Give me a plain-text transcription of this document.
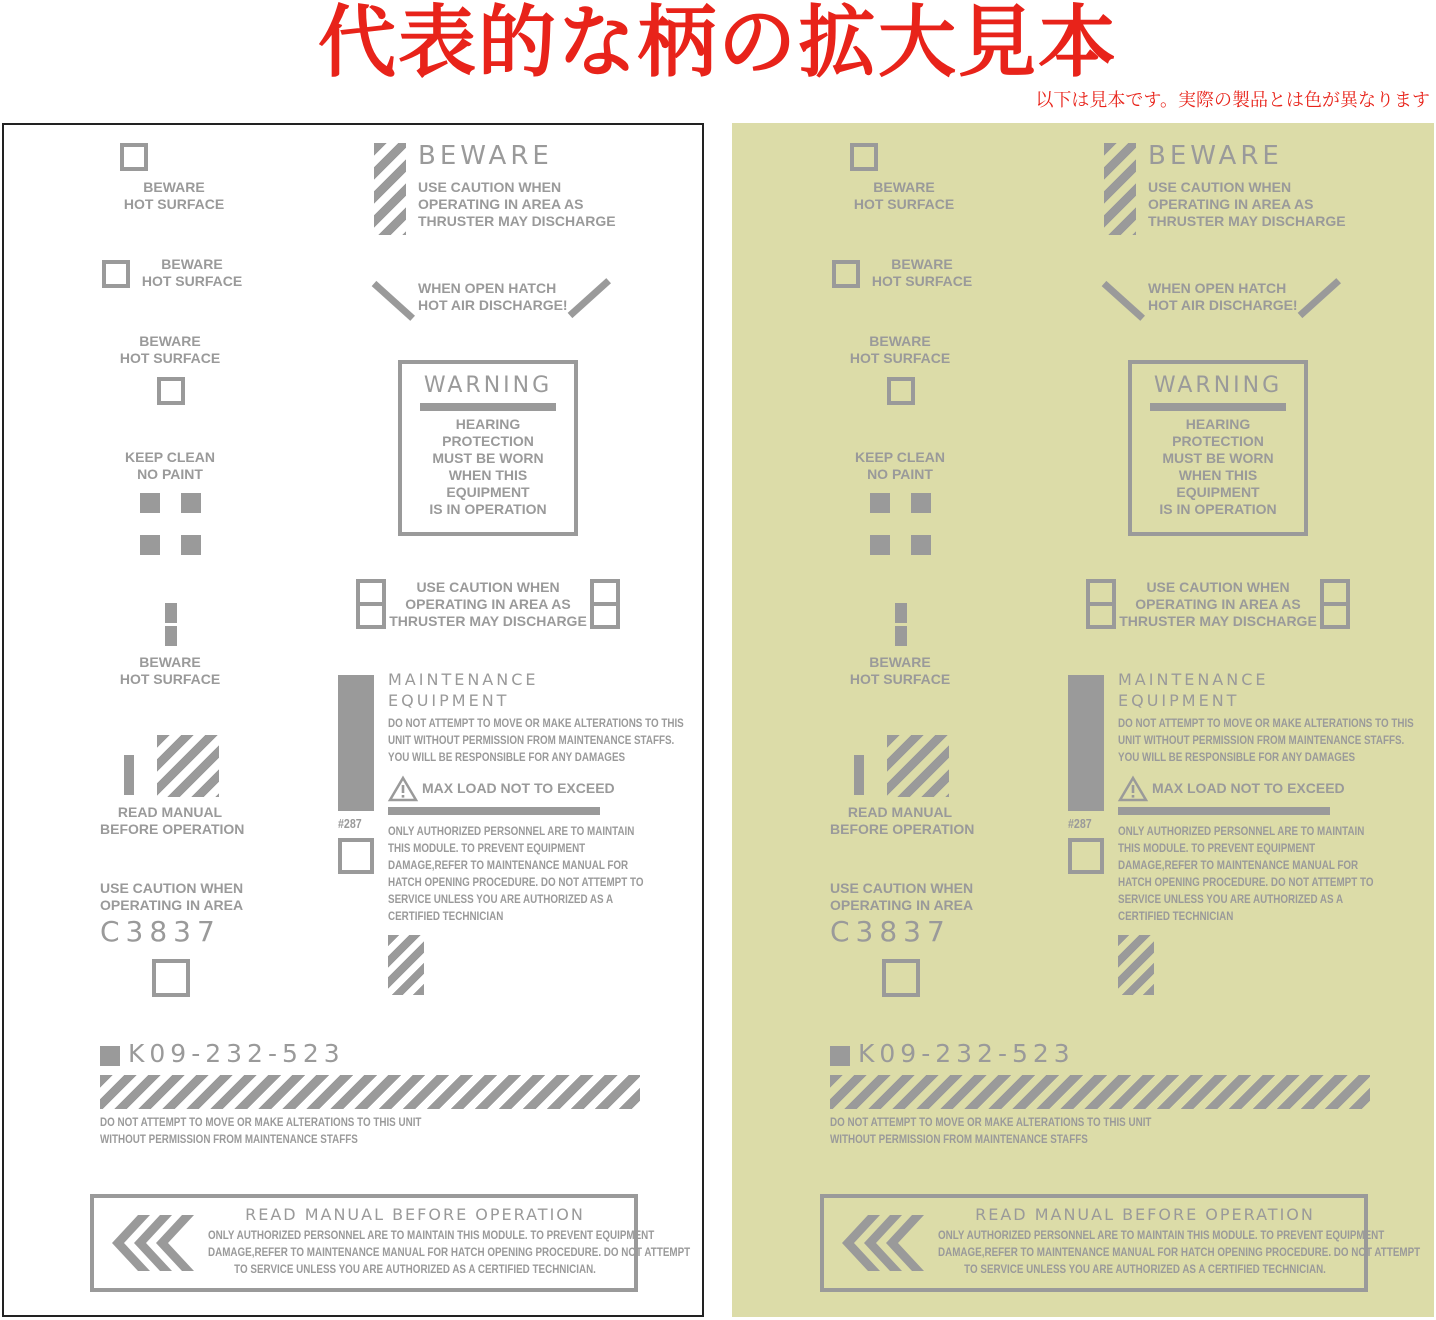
代表的な柄の拡大見本
以下は見本です。実際の製品とは色が異なります
BEWARE
HOT SURFACE
BEWARE
HOT SURFACE
BEWARE
HOT SURFACE
KEEP CLEAN
NO PAINT
BEWARE
HOT SURFACE
READ MANUAL
BEFORE OPERATION
USE CAUTION WHEN
OPERATING IN AREA
C3837
BEWARE
USE CAUTION WHEN
OPERATING IN AREA AS
THRUSTER MAY DISCHARGE
WHEN OPEN HATCH
HOT AIR DISCHARGE!
WARNING
HEARING
PROTECTION
MUST BE WORN
WHEN THIS
EQUIPMENT
IS IN OPERATION
USE CAUTION WHEN
OPERATING IN AREA AS
THRUSTER MAY DISCHARGE
#287
MAINTENANCE
EQUIPMENT
DO NOT ATTEMPT TO MOVE OR MAKE ALTERATIONS TO THIS
UNIT WITHOUT PERMISSION FROM MAINTENANCE STAFFS.
YOU WILL BE RESPONSIBLE FOR ANY DAMAGES
MAX LOAD NOT TO EXCEED
ONLY AUTHORIZED PERSONNEL ARE TO MAINTAIN
THIS MODULE. TO PREVENT EQUIPMENT
DAMAGE,REFER TO MAINTENANCE MANUAL FOR
HATCH OPENING PROCEDURE. DO NOT ATTEMPT TO
SERVICE UNLESS YOU ARE AUTHORIZED AS A
CERTIFIED TECHNICIAN
K09-232-523
DO NOT ATTEMPT TO MOVE OR MAKE ALTERATIONS TO THIS UNIT
WITHOUT PERMISSION FROM MAINTENANCE STAFFS
READ MANUAL BEFORE OPERATION
ONLY AUTHORIZED PERSONNEL ARE TO MAINTAIN THIS MODULE. TO PREVENT EQUIPMENT
DAMAGE,REFER TO MAINTENANCE MANUAL FOR HATCH OPENING PROCEDURE. DO NOT ATTEMPT
TO SERVICE UNLESS YOU ARE AUTHORIZED AS A CERTIFIED TECHNICIAN.
BEWARE
HOT SURFACE
BEWARE
HOT SURFACE
BEWARE
HOT SURFACE
KEEP CLEAN
NO PAINT
BEWARE
HOT SURFACE
READ MANUAL
BEFORE OPERATION
USE CAUTION WHEN
OPERATING IN AREA
C3837
BEWARE
USE CAUTION WHEN
OPERATING IN AREA AS
THRUSTER MAY DISCHARGE
WHEN OPEN HATCH
HOT AIR DISCHARGE!
WARNING
HEARING
PROTECTION
MUST BE WORN
WHEN THIS
EQUIPMENT
IS IN OPERATION
USE CAUTION WHEN
OPERATING IN AREA AS
THRUSTER MAY DISCHARGE
#287
MAINTENANCE
EQUIPMENT
DO NOT ATTEMPT TO MOVE OR MAKE ALTERATIONS TO THIS
UNIT WITHOUT PERMISSION FROM MAINTENANCE STAFFS.
YOU WILL BE RESPONSIBLE FOR ANY DAMAGES
MAX LOAD NOT TO EXCEED
ONLY AUTHORIZED PERSONNEL ARE TO MAINTAIN
THIS MODULE. TO PREVENT EQUIPMENT
DAMAGE,REFER TO MAINTENANCE MANUAL FOR
HATCH OPENING PROCEDURE. DO NOT ATTEMPT TO
SERVICE UNLESS YOU ARE AUTHORIZED AS A
CERTIFIED TECHNICIAN
K09-232-523
DO NOT ATTEMPT TO MOVE OR MAKE ALTERATIONS TO THIS UNIT
WITHOUT PERMISSION FROM MAINTENANCE STAFFS
READ MANUAL BEFORE OPERATION
ONLY AUTHORIZED PERSONNEL ARE TO MAINTAIN THIS MODULE. TO PREVENT EQUIPMENT
DAMAGE,REFER TO MAINTENANCE MANUAL FOR HATCH OPENING PROCEDURE. DO NOT ATTEMPT
TO SERVICE UNLESS YOU ARE AUTHORIZED AS A CERTIFIED TECHNICIAN.
